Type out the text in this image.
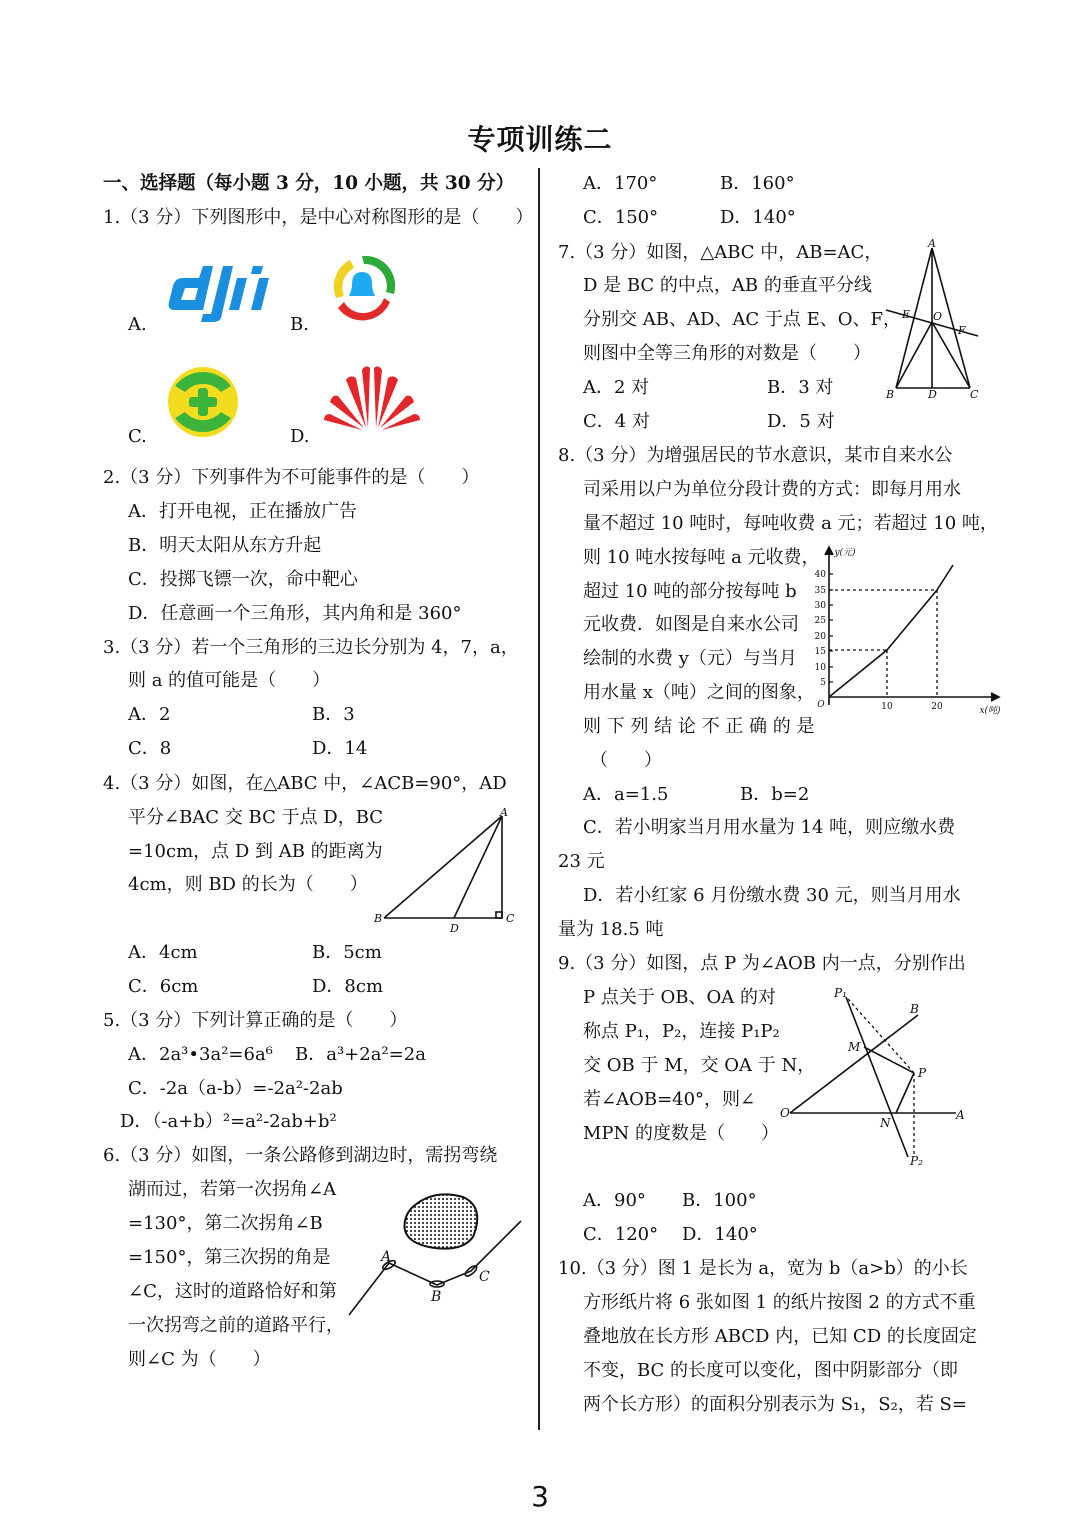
专项训练二
一、选择题（每小题 3 分，10 小题，共 30 分）
1.（3 分）下列图形中，是中心对称图形的是（　　）
A.	B.
C.	D.
2.（3 分）下列事件为不可能事件的是（　　）
A．打开电视，正在播放广告
B．明天太阳从东方升起
C．投掷飞镖一次，命中靶心
D．任意画一个三角形，其内角和是 360°
3.（3 分）若一个三角形的三边长分别为 4，7，a，
则 a 的值可能是（　　）
A．2	B．3
C．8	D．14
4.（3 分）如图，在△ABC 中，∠ACB=90°，AD
平分∠BAC 交 BC 于点 D，BC
=10cm，点 D 到 AB 的距离为
4cm，则 BD 的长为（　　）
A
B	C
D
A．4cm	B．5cm
C．6cm	D．8cm
5.（3 分）下列计算正确的是（　　）
A．2a³•3a²=6a⁶ B．a³+2a²=2a
C．-2a（a-b）=-2a²-2ab
D．（-a+b）²=a²-2ab+b²
6.（3 分）如图，一条公路修到湖边时，需拐弯绕
湖而过，若第一次拐角∠A
=130°，第二次拐角∠B
=150°，第三次拐的角是
∠C，这时的道路恰好和第
一次拐弯之前的道路平行，
则∠C 为（　　）
A
B
C
A．170°	B．160°
C．150°	D．140°
7.（3 分）如图，△ABC 中，AB=AC，
D 是 BC 的中点，AB 的垂直平分线
分别交 AB、AD、AC 于点 E、O、F，
则图中全等三角形的对数是（　　）
A．2 对	B．3 对
C．4 对	D．5 对
A
E O
F
B	D	C
8.（3 分）为增强居民的节水意识，某市自来水公
司采用以户为单位分段计费的方式：即每月用水
量不超过 10 吨时，每吨收费 a 元；若超过 10 吨，
则 10 吨水按每吨 a 元收费，
超过 10 吨的部分按每吨 b
元收费．如图是自来水公司
绘制的水费 y（元）与当月
用水量 x（吨）之间的图象，
则 下 列 结 论 不 正 确 的 是
（　　）
5
10
15
20
25
30
35
40
10	20
O
y(元)
x(吨)
A．a=1.5	B．b=2
C．若小明家当月用水量为 14 吨，则应缴水费
23 元
D．若小红家 6 月份缴水费 30 元，则当月用水
量为 18.5 吨
9.（3 分）如图，点 P 为∠AOB 内一点，分别作出
P 点关于 OB、OA 的对
称点 P₁，P₂，连接 P₁P₂
交 OB 于 M，交 OA 于 N，
若∠AOB=40°，则∠
MPN 的度数是（　　）
P₁
B
M
P
O
N
A
P₂
A．90° B．100°
C．120° D．140°
10.（3 分）图 1 是长为 a，宽为 b（a>b）的小长
方形纸片将 6 张如图 1 的纸片按图 2 的方式不重
叠地放在长方形 ABCD 内，已知 CD 的长度固定
不变，BC 的长度可以变化，图中阴影部分（即
两个长方形）的面积分别表示为 S₁，S₂，若 S=
3
